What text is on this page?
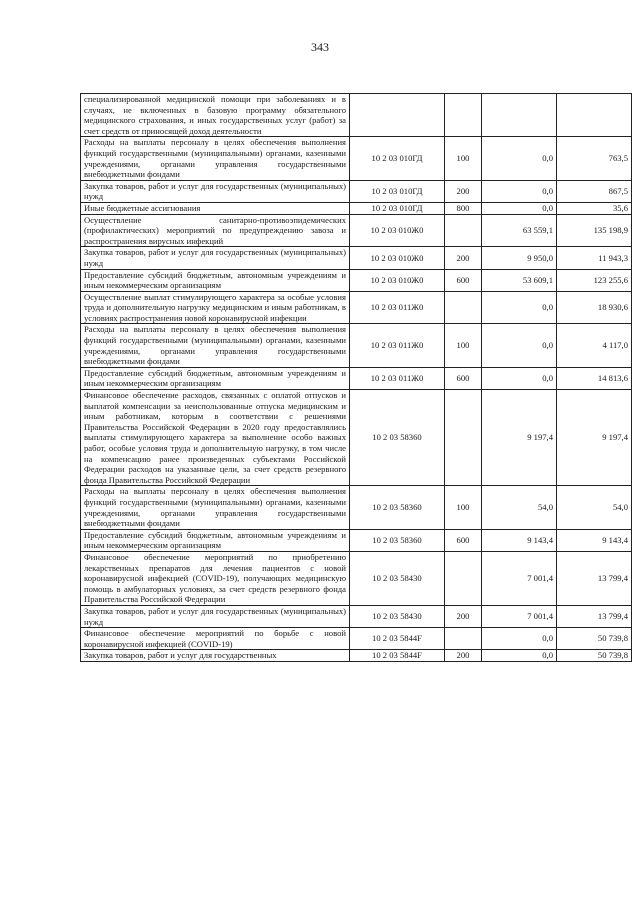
343
специализированной медицинской помощи при заболеваниях и в случаях, не включенных в базовую программу обязательного медицинского страхования, и иных государственных услуг (работ) за счет средств от приносящей доход деятельности				
Расходы на выплаты персоналу в целях обеспечения выполнения функций государственными (муниципальными) органами, казенными учреждениями, органами управления государственными внебюджетными фондами	10 2 03 010ГД	100	0,0	763,5
Закупка товаров, работ и услуг для государственных (муниципальных) нужд	10 2 03 010ГД	200	0,0	867,5
Иные бюджетные ассигнования	10 2 03 010ГД	800	0,0	35,6
Осуществление санитарно-противоэпидемических (профилактических) мероприятий по предупреждению завоза и распространения вирусных инфекций	10 2 03 010Ж0		63 559,1	135 198,9
Закупка товаров, работ и услуг для государственных (муниципальных) нужд	10 2 03 010Ж0	200	9 950,0	11 943,3
Предоставление субсидий бюджетным, автономным учреждениям и иным некоммерческим организациям	10 2 03 010Ж0	600	53 609,1	123 255,6
Осуществление выплат стимулирующего характера за особые условия труда и дополнительную нагрузку медицинским и иным работникам, в условиях распространения новой коронавирусной инфекции	10 2 03 011Ж0		0,0	18 930,6
Расходы на выплаты персоналу в целях обеспечения выполнения функций государственными (муниципальными) органами, казенными учреждениями, органами управления государственными внебюджетными фондами	10 2 03 011Ж0	100	0,0	4 117,0
Предоставление субсидий бюджетным, автономным учреждениям и иным некоммерческим организациям	10 2 03 011Ж0	600	0,0	14 813,6
Финансовое обеспечение расходов, связанных с оплатой отпусков и выплатой компенсации за неиспользованные отпуска медицинским и иным работникам, которым в соответствии с решениями Правительства Российской Федерации в 2020 году предоставлялись выплаты стимулирующего характера за выполнение особо важных работ, особые условия труда и дополнительную нагрузку, в том числе на компенсацию ранее произведенных субъектами Российской Федерации расходов на указанные цели, за счет средств резервного фонда Правительства Российской Федерации	10 2 03 58360		9 197,4	9 197,4
Расходы на выплаты персоналу в целях обеспечения выполнения функций государственными (муниципальными) органами, казенными учреждениями, органами управления государственными внебюджетными фондами	10 2 03 58360	100	54,0	54,0
Предоставление субсидий бюджетным, автономным учреждениям и иным некоммерческим организациям	10 2 03 58360	600	9 143,4	9 143,4
Финансовое обеспечение мероприятий по приобретению лекарственных препаратов для лечения пациентов с новой коронавирусной инфекцией (COVID-19), получающих медицинскую помощь в амбулаторных условиях, за счет средств резервного фонда Правительства Российской Федерации	10 2 03 58430		7 001,4	13 799,4
Закупка товаров, работ и услуг для государственных (муниципальных) нужд	10 2 03 58430	200	7 001,4	13 799,4
Финансовое обеспечение мероприятий по борьбе с новой коронавирусной инфекцией (COVID-19)	10 2 03 5844F		0,0	50 739,8
Закупка товаров, работ и услуг для государственных	10 2 03 5844F	200	0,0	50 739,8
